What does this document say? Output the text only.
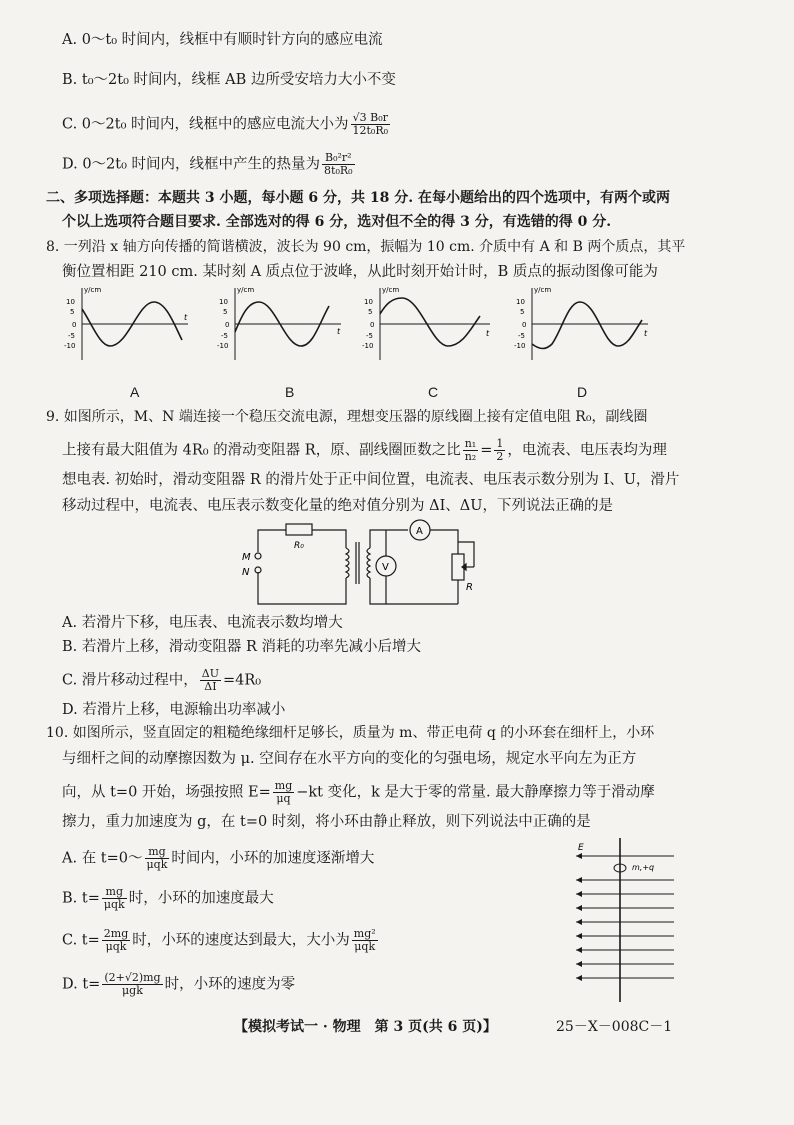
A. 0～t₀ 时间内，线框中有顺时针方向的感应电流
B. t₀～2t₀ 时间内，线框 AB 边所受安培力大小不变
C. 0～2t₀ 时间内，线框中的感应电流大小为 $\frac{\text{√3 B₀r}}{\text{12t₀R₀}}$
D. 0～2t₀ 时间内，线框中产生的热量为 $\frac{\text{B₀²r²}}{\text{8t₀R₀}}$
二、多项选择题：本题共 3 小题，每小题 6 分，共 18 分. 在每小题给出的四个选项中，有两个或两
个以上选项符合题目要求. 全部选对的得 6 分，选对但不全的得 3 分，有选错的得 0 分.
8. 一列沿 x 轴方向传播的简谐横波，波长为 90 cm，振幅为 10 cm. 介质中有 A 和 B 两个质点，其平
衡位置相距 210 cm. 某时刻 A 质点位于波峰，从此时刻开始计时，B 质点的振动图像可能为
y/cm
t
10
5
0
-5
-10
A
y/cm
t
10
5
0
-5
-10
B
y/cm
t
10
5
0
-5
-10
C
y/cm
t
10
5
0
-5
-10
D
9. 如图所示，M、N 端连接一个稳压交流电源，理想变压器的原线圈上接有定值电阻 R₀，副线圈
上接有最大阻值为 4R₀ 的滑动变阻器 R，原、副线圈匝数之比 $\frac{\text{n₁}}{\text{n₂}} = \frac{1}{2}$ ，电流表、电压表均为理
想电表. 初始时，滑动变阻器 R 的滑片处于正中间位置，电流表、电压表示数分别为 I、U，滑片
移动过程中，电流表、电压表示数变化量的绝对值分别为 ΔI、ΔU，下列说法正确的是
M
N
R₀
A
V
R
A. 若滑片下移，电压表、电流表示数均增大
B. 若滑片上移，滑动变阻器 R 消耗的功率先减小后增大
C. 滑片移动过程中， $\frac{\Delta U}{\Delta I} =4R_0$
D. 若滑片上移，电源输出功率减小
10. 如图所示，竖直固定的粗糙绝缘细杆足够长，质量为 m、带正电荷 q 的小环套在细杆上，小环
与细杆之间的动摩擦因数为 μ. 空间存在水平方向的变化的匀强电场，规定水平向左为正方
向，从 t=0 开始，场强按照 $E= \frac{mg}{\mu q} -kt$ 变化，k 是大于零的常量. 最大静摩擦力等于滑动摩
擦力，重力加速度为 g，在 t=0 时刻，将小环由静止释放，则下列说法中正确的是
A. 在 t=0～ $\frac{mg}{\text{μqk}}$ 时间内，小环的加速度逐渐增大
B. $t= \frac{mg}{\text{μqk}}$ 时，小环的加速度最大
C. $t= \frac{2mg}{\text{μqk}}$ 时，小环的速度达到最大，大小为 $\frac{\text{mg²}}{\text{μqk}}$
D. $t= \frac{(2+√2)mg}{\text{μgk}}$ 时，小环的速度为零
E
m,+q
【模拟考试一 · 物理　第 3 页(共 6 页)】	25－X－008C－1
